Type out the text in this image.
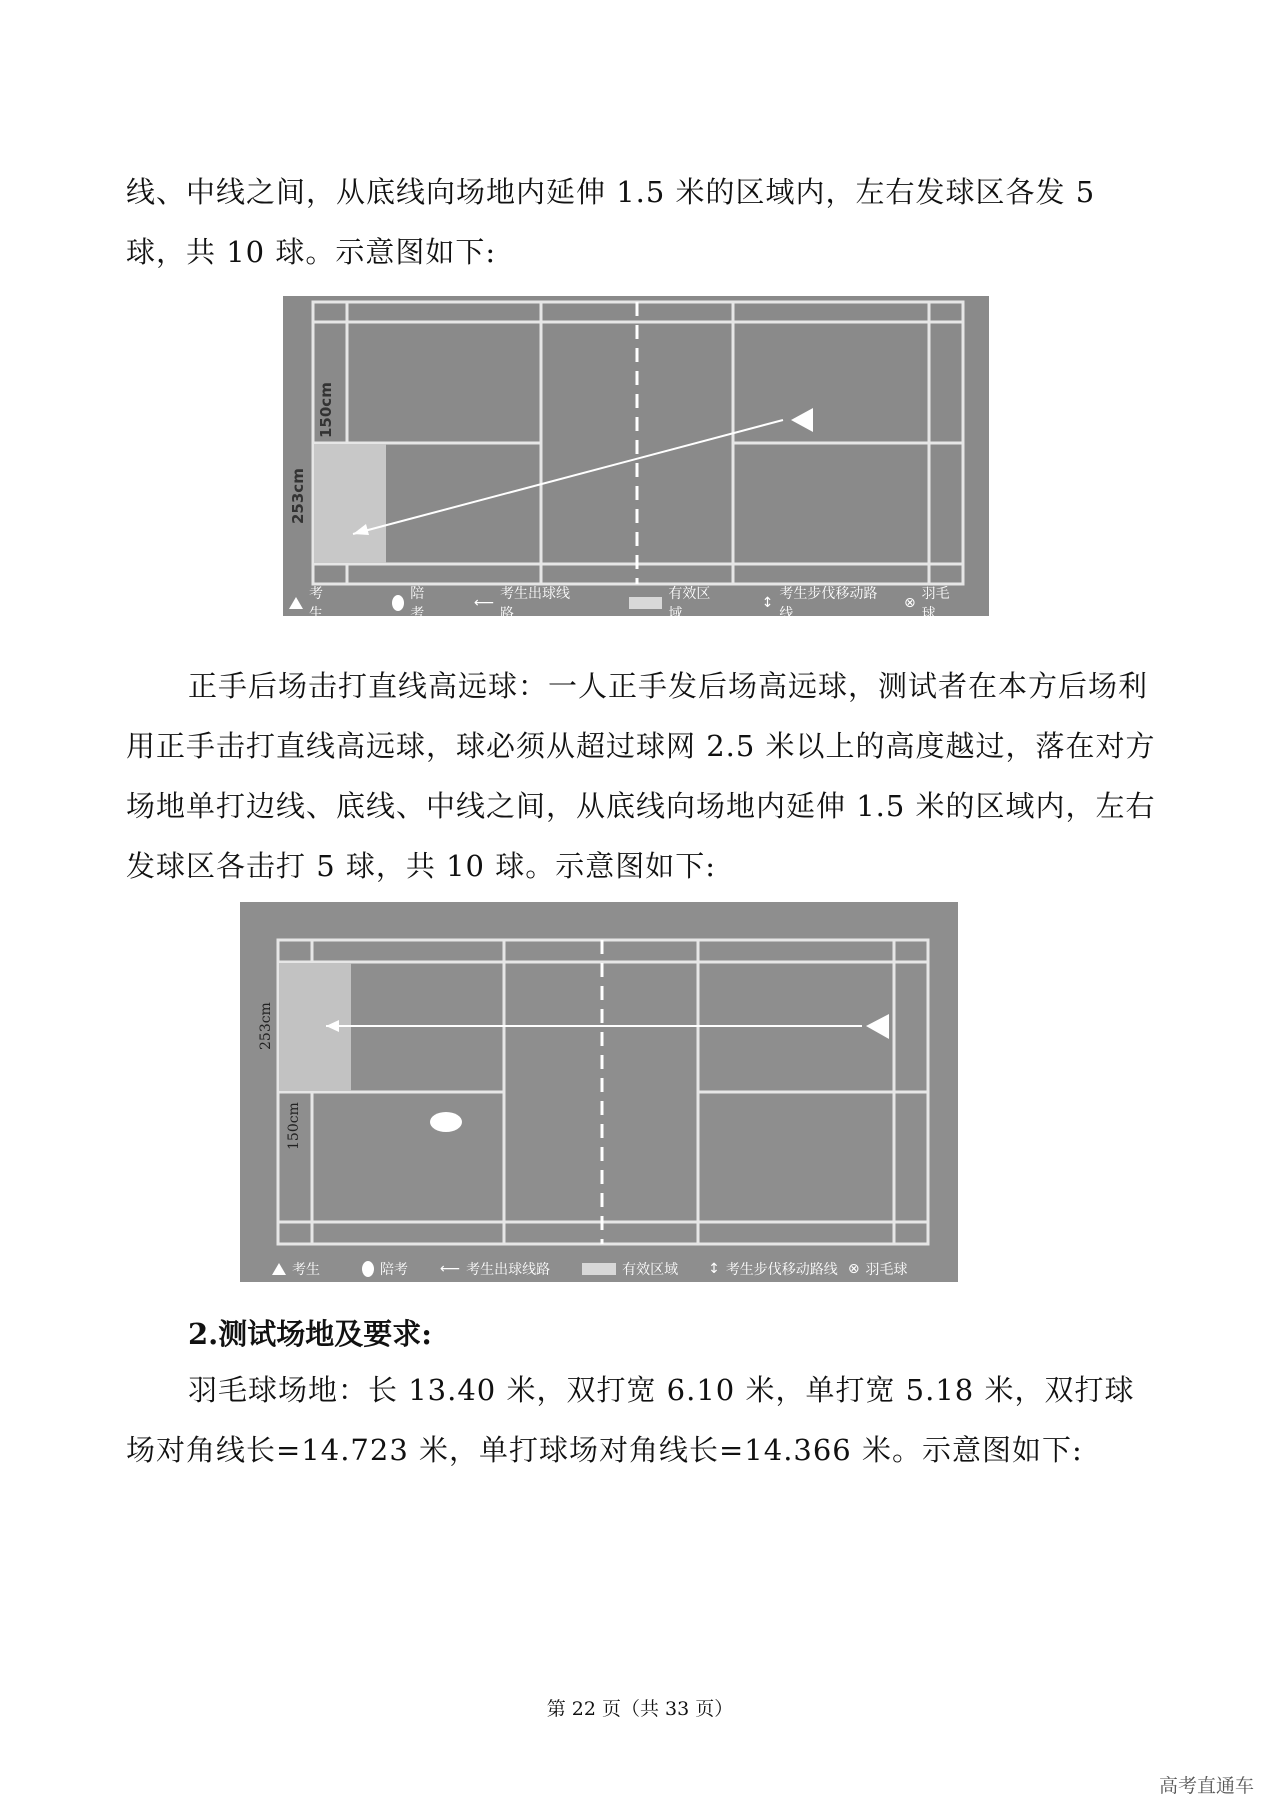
线、中线之间，从底线向场地内延伸 1.5 米的区域内，左右发球区各发 5

球，共 10 球。示意图如下:

150cm
253cm
考生
陪考
⟵
考生出球线路
有效区域
↕
考生步伐移动路线
⊗
羽毛球

正手后场击打直线高远球：一人正手发后场高远球，测试者在本方后场利用正手击打直线高远球，球必须从超过球网 2.5 米以上的高度越过，落在对方场地单打边线、底线、中线之间，从底线向场地内延伸 1.5 米的区域内，左右发球区各击打 5 球，共 10 球。示意图如下:

253cm
150cm
考生	陪考 ⟵ 考生出球线路	有效区域 ↕ 考生步伐移动路线 ⊗ 羽毛球

2.测试场地及要求:

羽毛球场地：长 13.40 米，双打宽 6.10 米，单打宽 5.18 米，双打球场对角线长=14.723 米，单打球场对角线长=14.366 米。示意图如下:

第 22 页（共 33 页）
高考直通车
